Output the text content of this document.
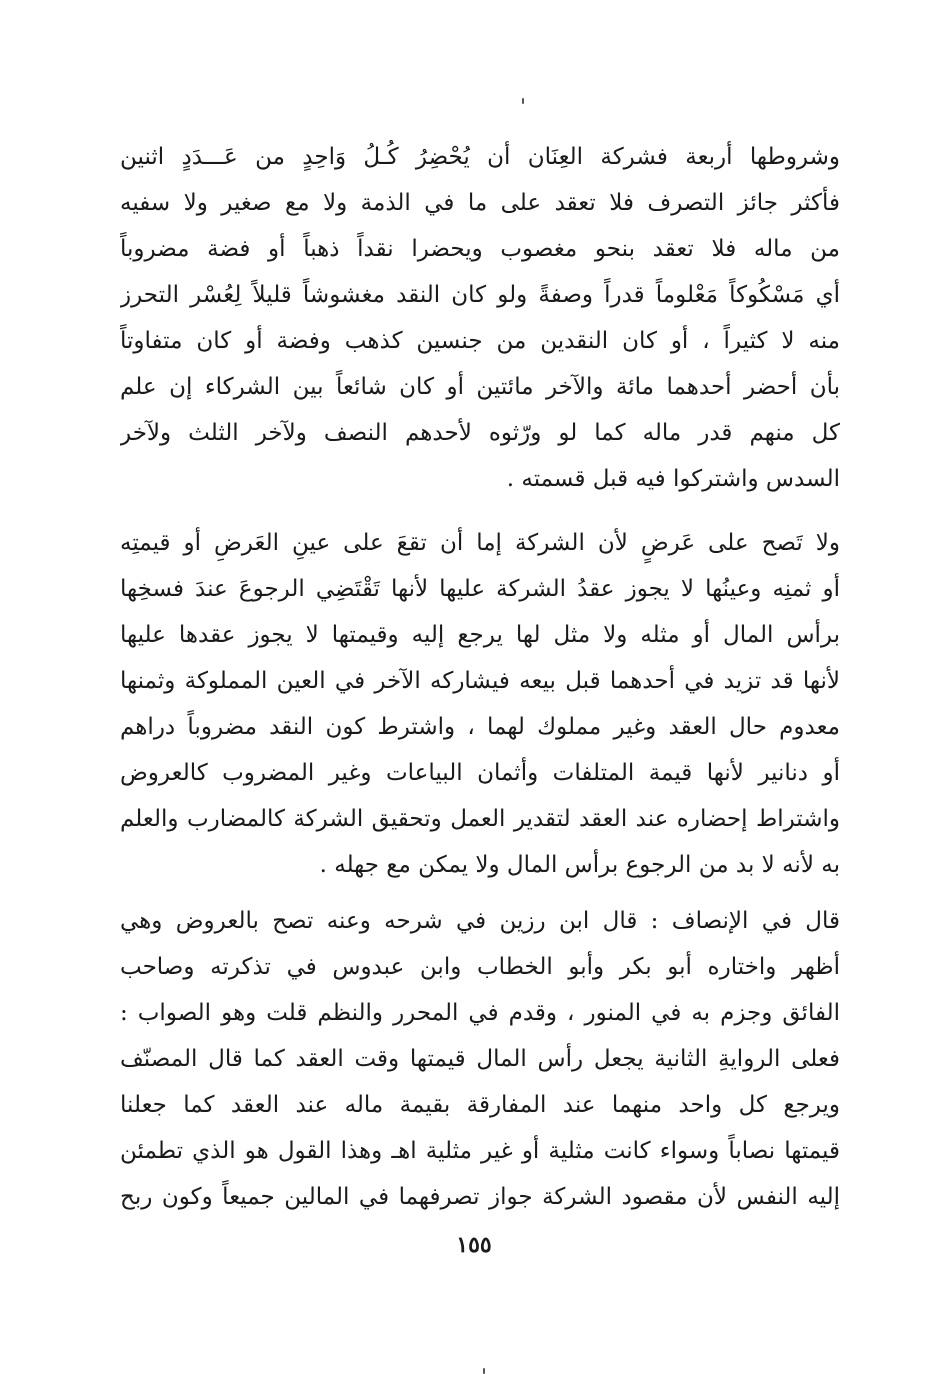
وشروطها أربعة فشركة العِنَان أن يُحْضِرُ كُـلُ وَاحِدٍ من عَـــدَدٍ اثنين
فأكثر جائز التصرف فلا تعقد على ما في الذمة ولا مع صغير ولا سفيه
من ماله فلا تعقد بنحو مغصوب ويحضرا نقداً ذهباً أو فضة مضروباً
أي مَسْكُوكاً مَعْلوماً قدراً وصفةً ولو كان النقد مغشوشاً قليلاً لِعُسْر التحرز
منه لا كثيراً ، أو كان النقدين من جنسين كذهب وفضة أو كان متفاوتاً
بأن أحضر أحدهما مائة والآخر مائتين أو كان شائعاً بين الشركاء إن علم
كل منهم قدر ماله كما لو ورّثوه لأحدهم النصف ولآخر الثلث ولآخر
السدس واشتركوا فيه قبل قسمته .
ولا تَصح على عَرضٍ لأن الشركة إما أن تقعَ على عينِ العَرضِ أو قيمتِه
أو ثمنِه وعينُها لا يجوز عقدُ الشركة عليها لأنها تَقْتَضِي الرجوعَ عندَ فسخِها
برأس المال أو مثله ولا مثل لها يرجع إليه وقيمتها لا يجوز عقدها عليها
لأنها قد تزيد في أحدهما قبل بيعه فيشاركه الآخر في العين المملوكة وثمنها
معدوم حال العقد وغير مملوك لهما ، واشترط كون النقد مضروباً دراهم
أو دنانير لأنها قيمة المتلفات وأثمان البياعات وغير المضروب كالعروض
واشتراط إحضاره عند العقد لتقدير العمل وتحقيق الشركة كالمضارب والعلم
به لأنه لا بد من الرجوع برأس المال ولا يمكن مع جهله .
قال في الإنصاف : قال ابن رزين في شرحه وعنه تصح بالعروض وهي
أظهر واختاره أبو بكر وأبو الخطاب وابن عبدوس في تذكرته وصاحب
الفائق وجزم به في المنور ، وقدم في المحرر والنظم قلت وهو الصواب :
فعلى الروايةِ الثانية يجعل رأس المال قيمتها وقت العقد كما قال المصنّف
ويرجع كل واحد منهما عند المفارقة بقيمة ماله عند العقد كما جعلنا
قيمتها نصاباً وسواء كانت مثلية أو غير مثلية اهـ وهذا القول هو الذي تطمئن
إليه النفس لأن مقصود الشركة جواز تصرفهما في المالين جميعاً وكون ربح
١٥٥
